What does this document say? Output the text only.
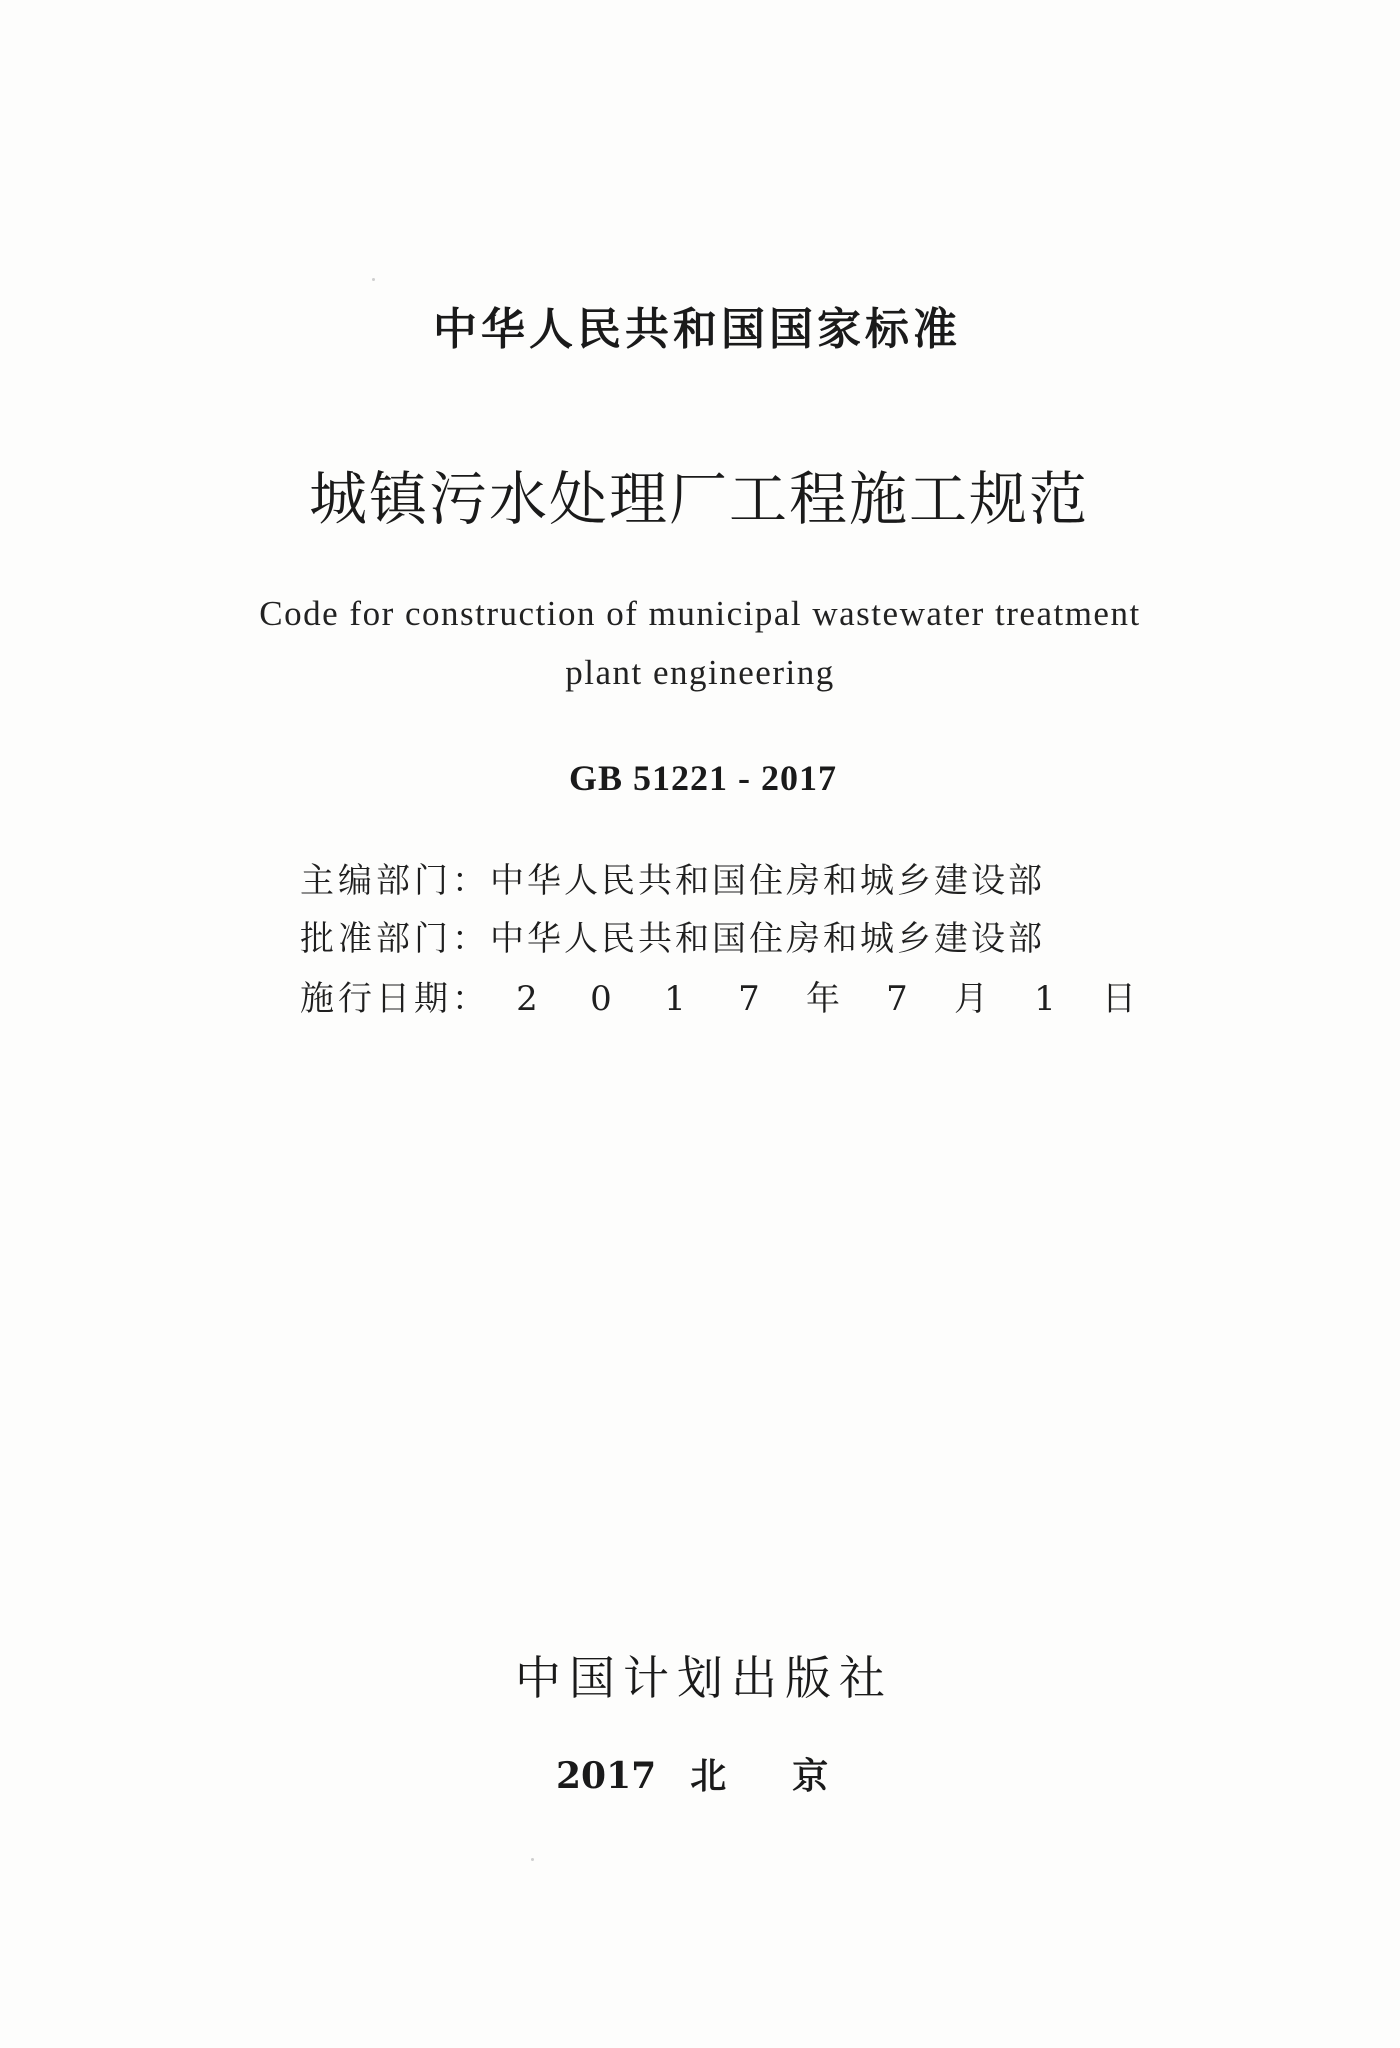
中华人民共和国国家标准
城镇污水处理厂工程施工规范
Code for construction of municipal wastewater treatment
plant engineering
GB 51221 - 2017
主编部门：中华人民共和国住房和城乡建设部
批准部门：中华人民共和国住房和城乡建设部
施行日期： 2 0 1 7 年 7 月 1 日
中国计划出版社
2017 北 京
